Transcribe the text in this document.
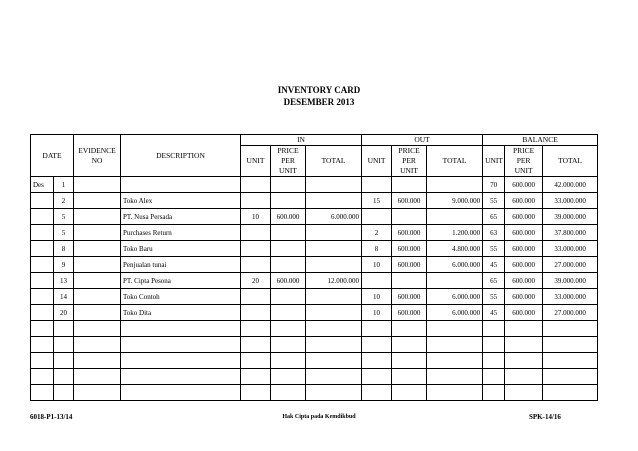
INVENTORY CARD
DESEMBER 2013
DATE		EVIDENCE NO	DESCRIPTION	IN			OUT			BALANCE		
				UNIT	PRICE PER UNIT	TOTAL	UNIT	PRICE PER UNIT	TOTAL	UNIT	PRICE PER UNIT	TOTAL
Des	1									70	600.000	42.000.000
	2		Toko Alex				15	600.000	9.000.000	55	600.000	33.000.000
	5		PT. Nusa Persada	10	600.000	6.000.000				65	600.000	39.000.000
	5		Purchases Return				2	600.000	1.200.000	63	600.000	37.800.000
	8		Toko Baru				8	600.000	4.800.000	55	600.000	33.000.000
	9		Penjualan tunai				10	600.000	6.000.000	45	600.000	27.000.000
	13		PT. Cipta Pesona	20	600.000	12.000.000				65	600.000	39.000.000
	14		Toko Contoh				10	600.000	6.000.000	55	600.000	33.000.000
	20		Toko Dita				10	600.000	6.000.000	45	600.000	27.000.000

6018-P1-13/14	Hak Cipta pada Kemdikbud	SPK-14/16
